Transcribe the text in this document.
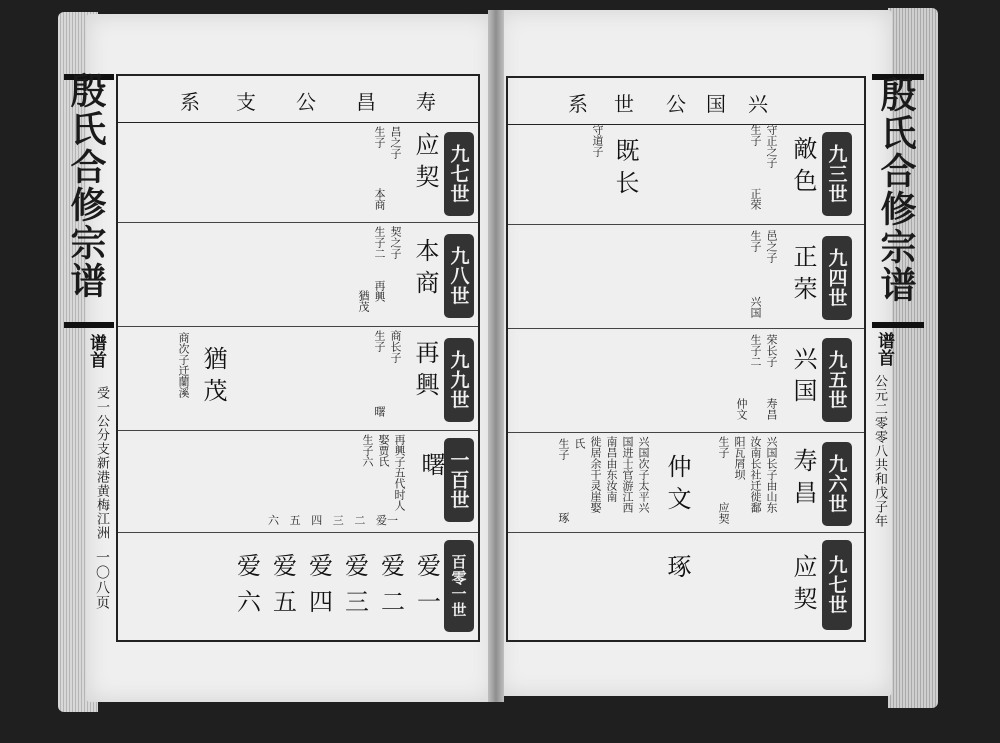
殷氏合修宗谱
谱首
受一公分支新港黄梅江洲
一〇八页
殷氏合修宗谱
谱首
公元二零零八共和戊子年
寿
昌
公
支
系
九七世
应契
昌之子
生子
本商
九八世
本商
契之子
生子二
再興
猶茂
九九世
再興
商长子
生子
曙
猶茂
商次子迁蘭溪
一百世
曙
再興子五代时人
娶贾氏
生子六
爱一
二
三
四
五
六
百零一世
爱一
爱二
爱三
爱四
爱五
爱六
兴
国
公
世
系
九三世
敵色
守正之子
生子
正荣
既长
守道子
九四世
正荣
邑之子
生子
兴国
九五世
兴国
荣长子
生子二
寿昌
仲文
九六世
寿昌
兴国长子由山东
汝南长社迁徙鄱
阳瓦屑坝
生子
应契
仲文
兴国次子太平兴
国进士官游江西
南昌由东汝南
徙居余干灵崖娶
氏
生子
琢
琢	九七世
应契
